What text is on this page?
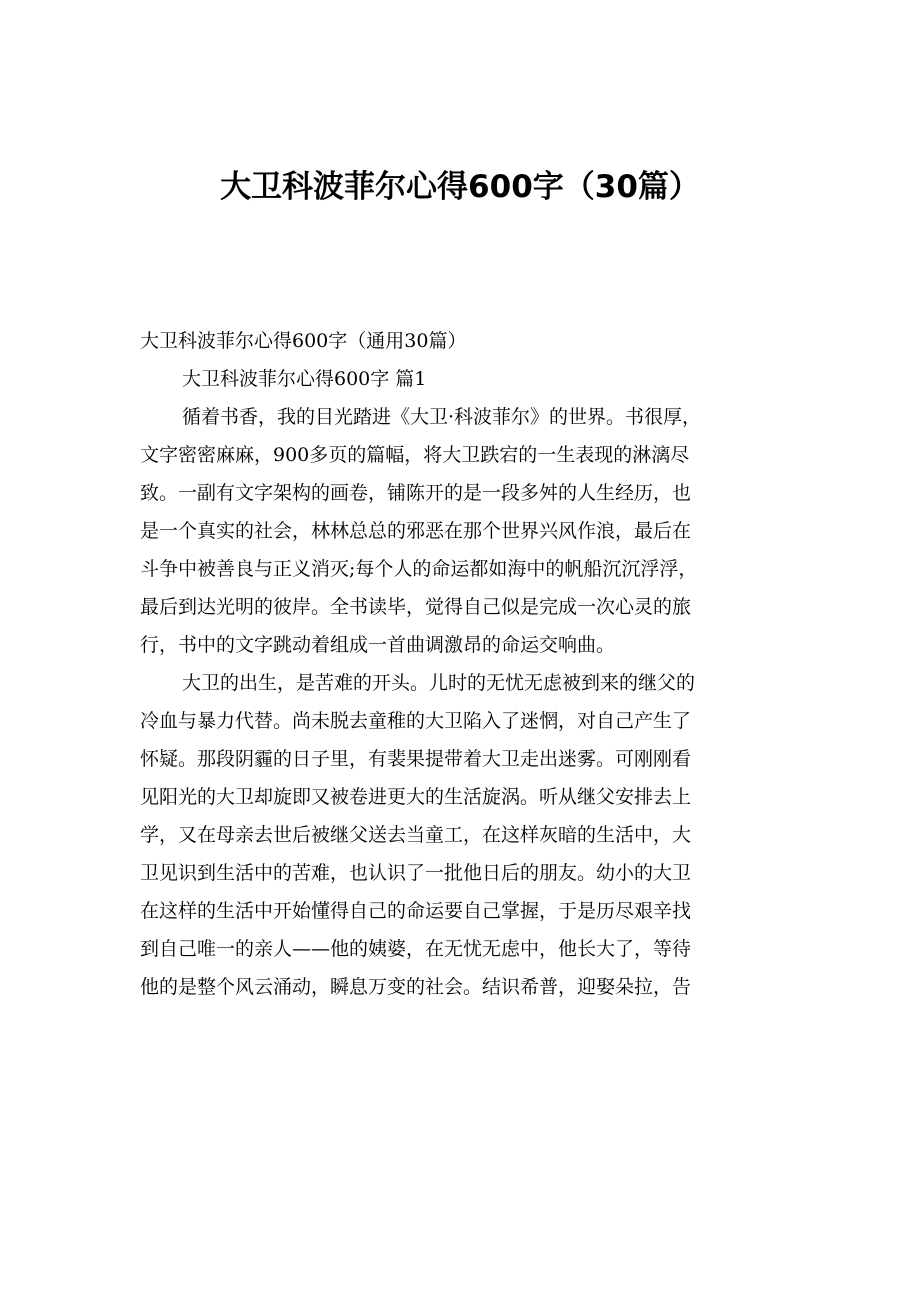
大卫科波菲尔心得600字（30篇）

大卫科波菲尔心得600字（通用30篇）

大卫科波菲尔心得600字 篇1

循着书香，我的目光踏进《大卫·科波菲尔》的世界。书很厚，

文字密密麻麻，900多页的篇幅，将大卫跌宕的一生表现的淋漓尽

致。一副有文字架构的画卷，铺陈开的是一段多舛的人生经历，也

是一个真实的社会，林林总总的邪恶在那个世界兴风作浪，最后在

斗争中被善良与正义消灭;每个人的命运都如海中的帆船沉沉浮浮，

最后到达光明的彼岸。全书读毕，觉得自己似是完成一次心灵的旅

行，书中的文字跳动着组成一首曲调激昂的命运交响曲。

大卫的出生，是苦难的开头。儿时的无忧无虑被到来的继父的

冷血与暴力代替。尚未脱去童稚的大卫陷入了迷惘，对自己产生了

怀疑。那段阴霾的日子里，有裴果提带着大卫走出迷雾。可刚刚看

见阳光的大卫却旋即又被卷进更大的生活旋涡。听从继父安排去上

学，又在母亲去世后被继父送去当童工，在这样灰暗的生活中，大

卫见识到生活中的苦难，也认识了一批他日后的朋友。幼小的大卫

在这样的生活中开始懂得自己的命运要自己掌握，于是历尽艰辛找

到自己唯一的亲人——他的姨婆，在无忧无虑中，他长大了，等待

他的是整个风云涌动，瞬息万变的社会。结识希普，迎娶朵拉，告
